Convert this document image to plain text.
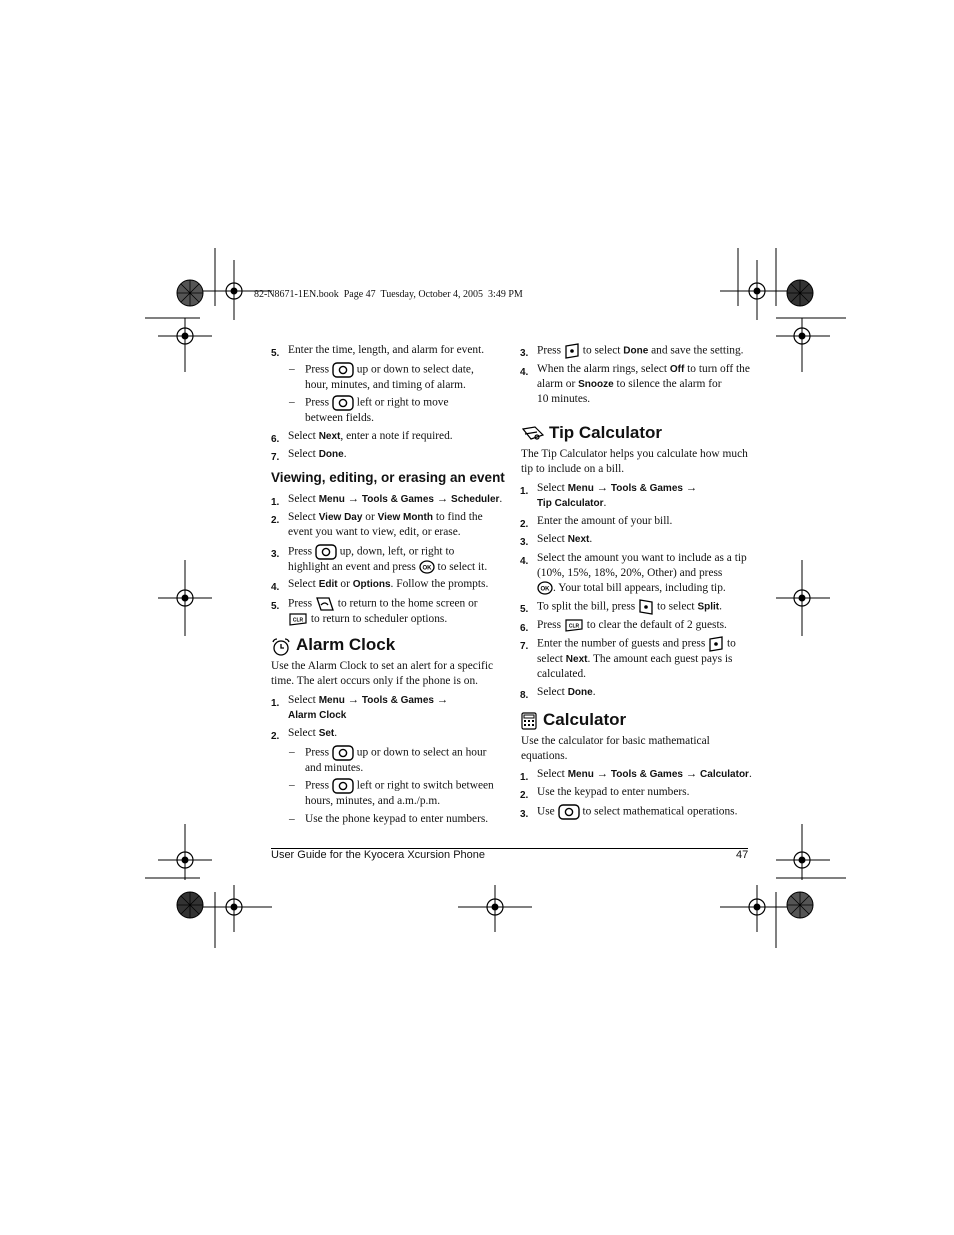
82-N8671-1EN.book  Page 47  Tuesday, October 4, 2005  3:49 PM
5. Enter the time, length, and alarm for event.
– Press up or down to select date,
hour, minutes, and timing of alarm.
– Press left or right to move
between fields.
6. Select Next, enter a note if required.
7. Select Done.
Viewing, editing, or erasing an event
1. Select Menu → Tools & Games → Scheduler.
2. Select View Day or View Month to find the
event you want to view, edit, or erase.
3. Press up, down, left, or right to
highlight an event and press OK to select it.
4. Select Edit or Options. Follow the prompts.
5. Press to return to the home screen or

CLR to return to scheduler options.
Alarm Clock
Use the Alarm Clock to set an alert for a specific
time. The alert occurs only if the phone is on.
1. Select Menu → Tools & Games →
Alarm Clock
2. Select Set.
– Press up or down to select an hour
and minutes.
– Press left or right to switch between
hours, minutes, and a.m./p.m.
– Use the phone keypad to enter numbers.
3. Press to select Done and save the setting.
4. When the alarm rings, select Off to turn off the
alarm or Snooze to silence the alarm for
10 minutes.
Tip Calculator
The Tip Calculator helps you calculate how much
tip to include on a bill.
1. Select Menu → Tools & Games →
Tip Calculator.
2. Enter the amount of your bill.
3. Select Next.
4. Select the amount you want to include as a tip
(10%, 15%, 18%, 20%, Other) and press

OK . Your total bill appears, including tip.
5. To split the bill, press to select Split.
6. Press CLR to clear the default of 2 guests.
7. Enter the number of guests and press to
select Next. The amount each guest pays is
calculated.
8. Select Done.
Calculator
Use the calculator for basic mathematical
equations.
1. Select Menu → Tools & Games → Calculator.
2. Use the keypad to enter numbers.
3. Use to select mathematical operations.
User Guide for the Kyocera Xcursion Phone	47
